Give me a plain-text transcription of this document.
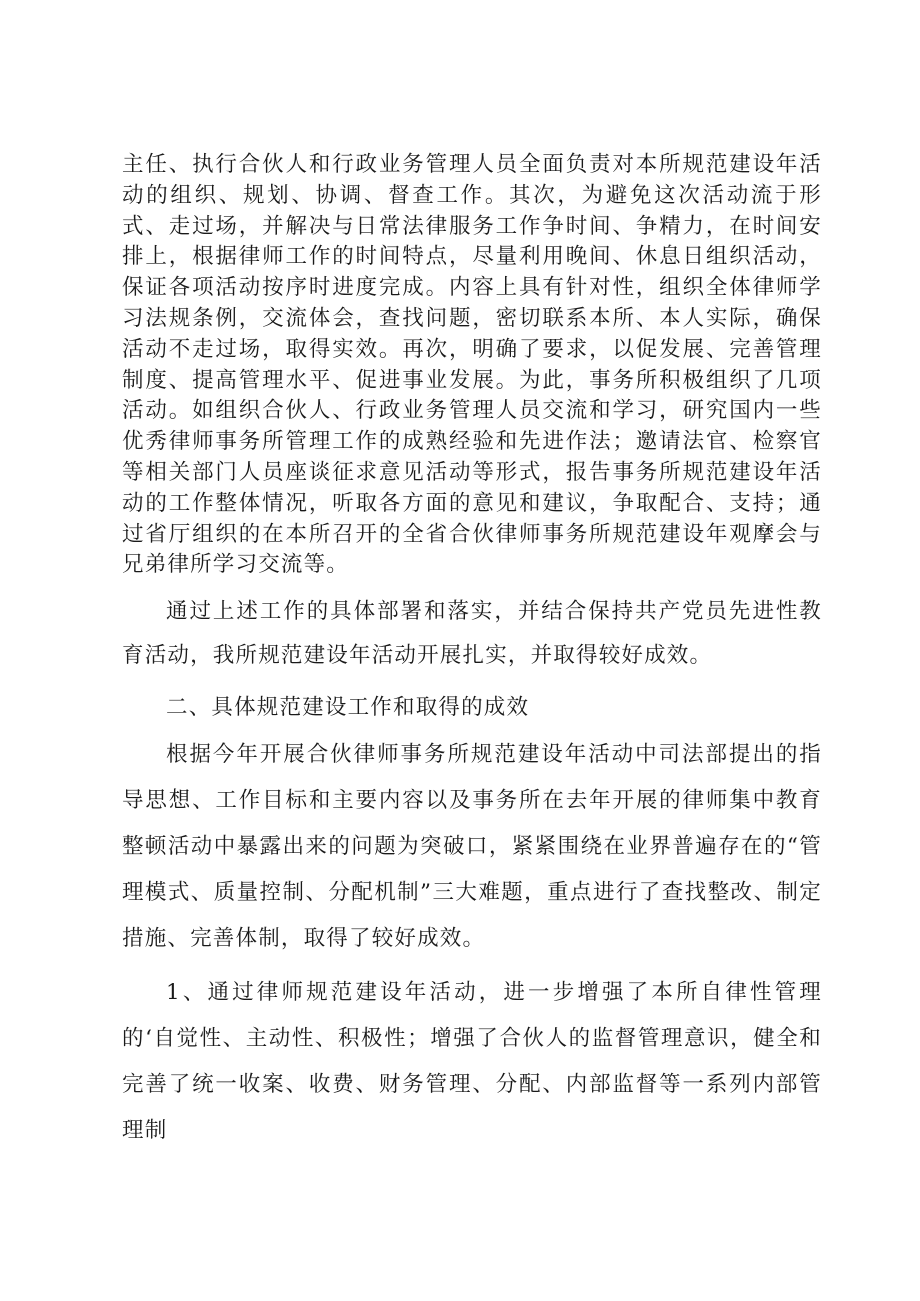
主任、执行合伙人和行政业务管理人员全面负责对本所规范建设年活动的组织、规划、协调、督查工作。其次，为避免这次活动流于形式、走过场，并解决与日常法律服务工作争时间、争精力，在时间安排上，根据律师工作的时间特点，尽量利用晚间、休息日组织活动，保证各项活动按序时进度完成。内容上具有针对性，组织全体律师学习法规条例，交流体会，查找问题，密切联系本所、本人实际，确保活动不走过场，取得实效。再次，明确了要求，以促发展、完善管理制度、提高管理水平、促进事业发展。为此，事务所积极组织了几项活动。如组织合伙人、行政业务管理人员交流和学习，研究国内一些优秀律师事务所管理工作的成熟经验和先进作法；邀请法官、检察官等相关部门人员座谈征求意见活动等形式，报告事务所规范建设年活动的工作整体情况，听取各方面的意见和建议，争取配合、支持；通过省厅组织的在本所召开的全省合伙律师事务所规范建设年观摩会与兄弟律所学习交流等。

通过上述工作的具体部署和落实，并结合保持共产党员先进性教育活动，我所规范建设年活动开展扎实，并取得较好成效。

二、具体规范建设工作和取得的成效

根据今年开展合伙律师事务所规范建设年活动中司法部提出的指导思想、工作目标和主要内容以及事务所在去年开展的律师集中教育整顿活动中暴露出来的问题为突破口，紧紧围绕在业界普遍存在的“管理模式、质量控制、分配机制”三大难题，重点进行了查找整改、制定措施、完善体制，取得了较好成效。

1、通过律师规范建设年活动，进一步增强了本所自律性管理的‘自觉性、主动性、积极性；增强了合伙人的监督管理意识，健全和完善了统一收案、收费、财务管理、分配、内部监督等一系列内部管理制
